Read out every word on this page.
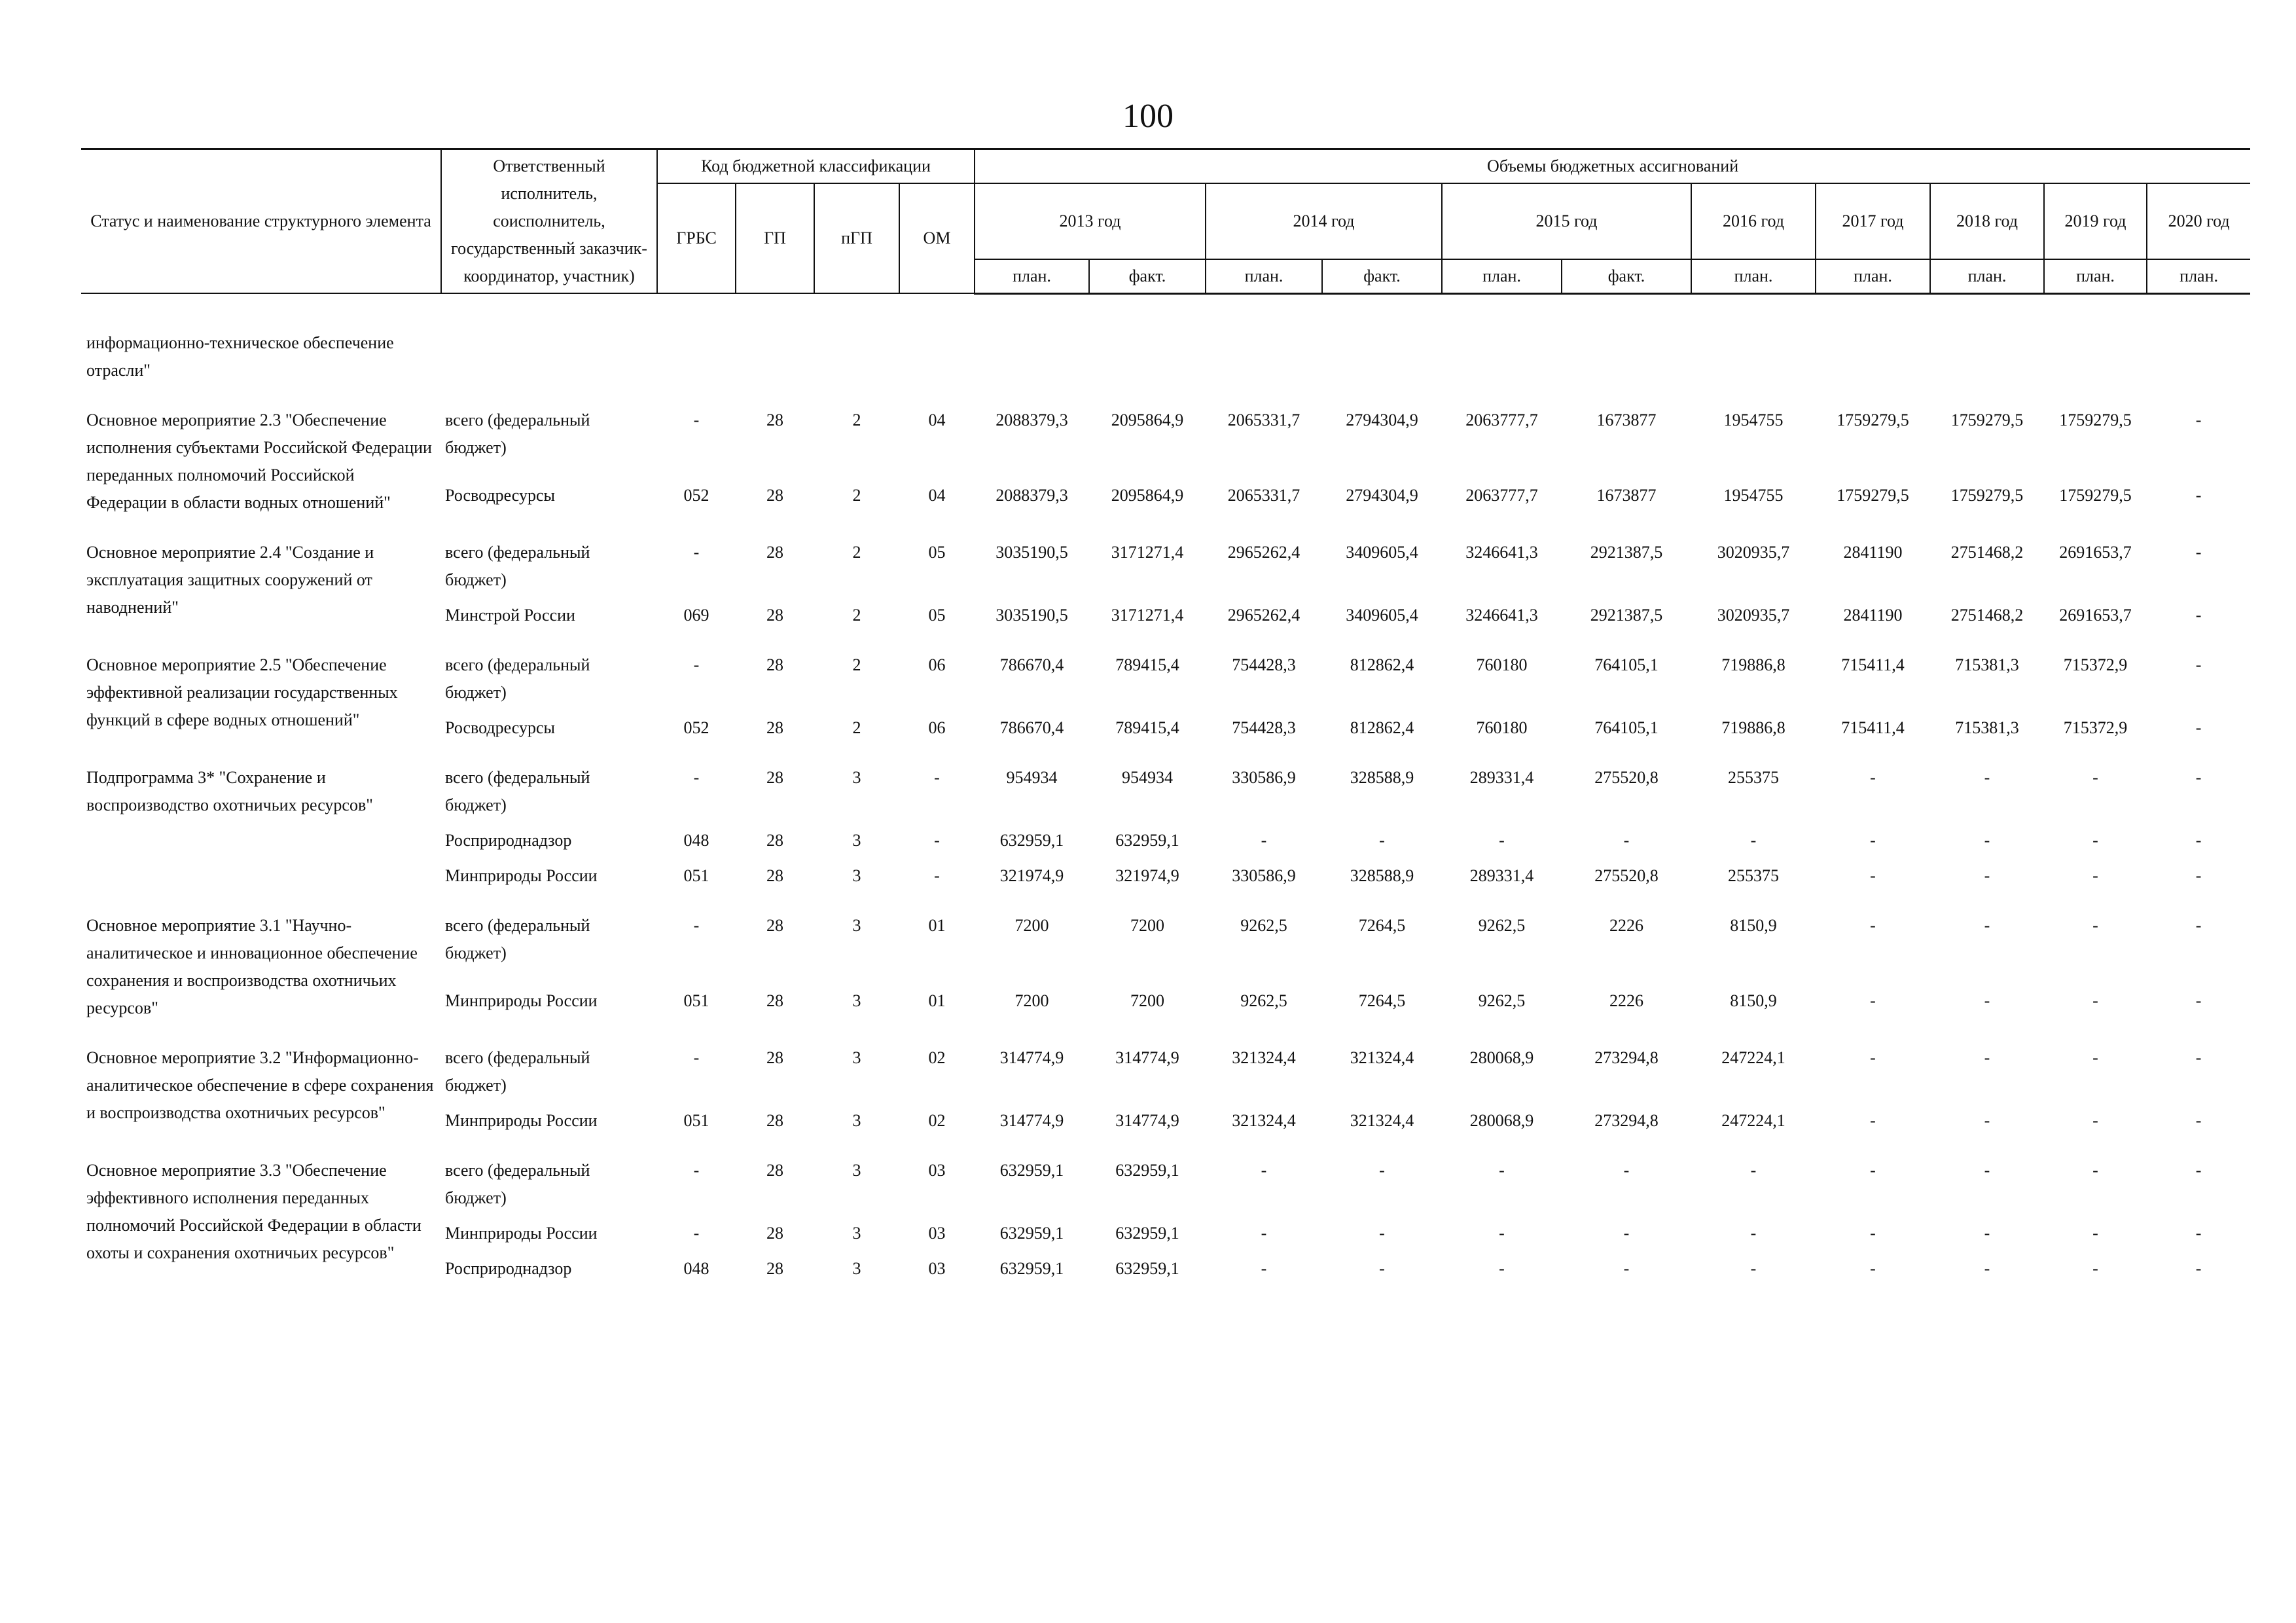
100
Статус и наименование структурного элемента	Ответственный исполнитель, соисполнитель, государственный заказчик-координатор, участник)	Код бюджетной классификации				Объемы бюджетных ассигнований										
		ГРБС	ГП	пГП	ОМ	2013 год		2014 год		2015 год		2016 год	2017 год	2018 год	2019 год	2020 год
						план.	факт.	план.	факт.	план.	факт.	план.	план.	план.	план.	план.
информационно-техническое обеспечение отрасли"																

Основное мероприятие 2.3 "Обеспечение исполнения субъектами Российской Федерации переданных полномочий Российской Федерации в области водных отношений"	всего (федеральный бюджет)	-	28	2	04	2088379,3	2095864,9	2065331,7	2794304,9	2063777,7	1673877	1954755	1759279,5	1759279,5	1759279,5	-
	Росводресурсы	052	28	2	04	2088379,3	2095864,9	2065331,7	2794304,9	2063777,7	1673877	1954755	1759279,5	1759279,5	1759279,5	-

Основное мероприятие 2.4 "Создание и эксплуатация защитных сооружений от наводнений"	всего (федеральный бюджет)	-	28	2	05	3035190,5	3171271,4	2965262,4	3409605,4	3246641,3	2921387,5	3020935,7	2841190	2751468,2	2691653,7	-
	Минстрой России	069	28	2	05	3035190,5	3171271,4	2965262,4	3409605,4	3246641,3	2921387,5	3020935,7	2841190	2751468,2	2691653,7	-

Основное мероприятие 2.5 "Обеспечение эффективной реализации государственных функций в сфере водных отношений"	всего (федеральный бюджет)	-	28	2	06	786670,4	789415,4	754428,3	812862,4	760180	764105,1	719886,8	715411,4	715381,3	715372,9	-
	Росводресурсы	052	28	2	06	786670,4	789415,4	754428,3	812862,4	760180	764105,1	719886,8	715411,4	715381,3	715372,9	-

Подпрограмма 3* "Сохранение и воспроизводство охотничьих ресурсов"	всего (федеральный бюджет)	-	28	3	-	954934	954934	330586,9	328588,9	289331,4	275520,8	255375	-	-	-	-
	Росприроднадзор	048	28	3	-	632959,1	632959,1	-	-	-	-	-	-	-	-	-
	Минприроды России	051	28	3	-	321974,9	321974,9	330586,9	328588,9	289331,4	275520,8	255375	-	-	-	-

Основное мероприятие 3.1 "Научно-аналитическое и инновационное обеспечение сохранения и воспроизводства охотничьих ресурсов"	всего (федеральный бюджет)	-	28	3	01	7200	7200	9262,5	7264,5	9262,5	2226	8150,9	-	-	-	-
	Минприроды России	051	28	3	01	7200	7200	9262,5	7264,5	9262,5	2226	8150,9	-	-	-	-

Основное мероприятие 3.2 "Информационно-аналитическое обеспечение в сфере сохранения и воспроизводства охотничьих ресурсов"	всего (федеральный бюджет)	-	28	3	02	314774,9	314774,9	321324,4	321324,4	280068,9	273294,8	247224,1	-	-	-	-
	Минприроды России	051	28	3	02	314774,9	314774,9	321324,4	321324,4	280068,9	273294,8	247224,1	-	-	-	-

Основное мероприятие 3.3 "Обеспечение эффективного исполнения переданных полномочий Российской Федерации в области охоты и сохранения охотничьих ресурсов"	всего (федеральный бюджет)	-	28	3	03	632959,1	632959,1	-	-	-	-	-	-	-	-	-
	Минприроды России	-	28	3	03	632959,1	632959,1	-	-	-	-	-	-	-	-	-
	Росприроднадзор	048	28	3	03	632959,1	632959,1	-	-	-	-	-	-	-	-	-
